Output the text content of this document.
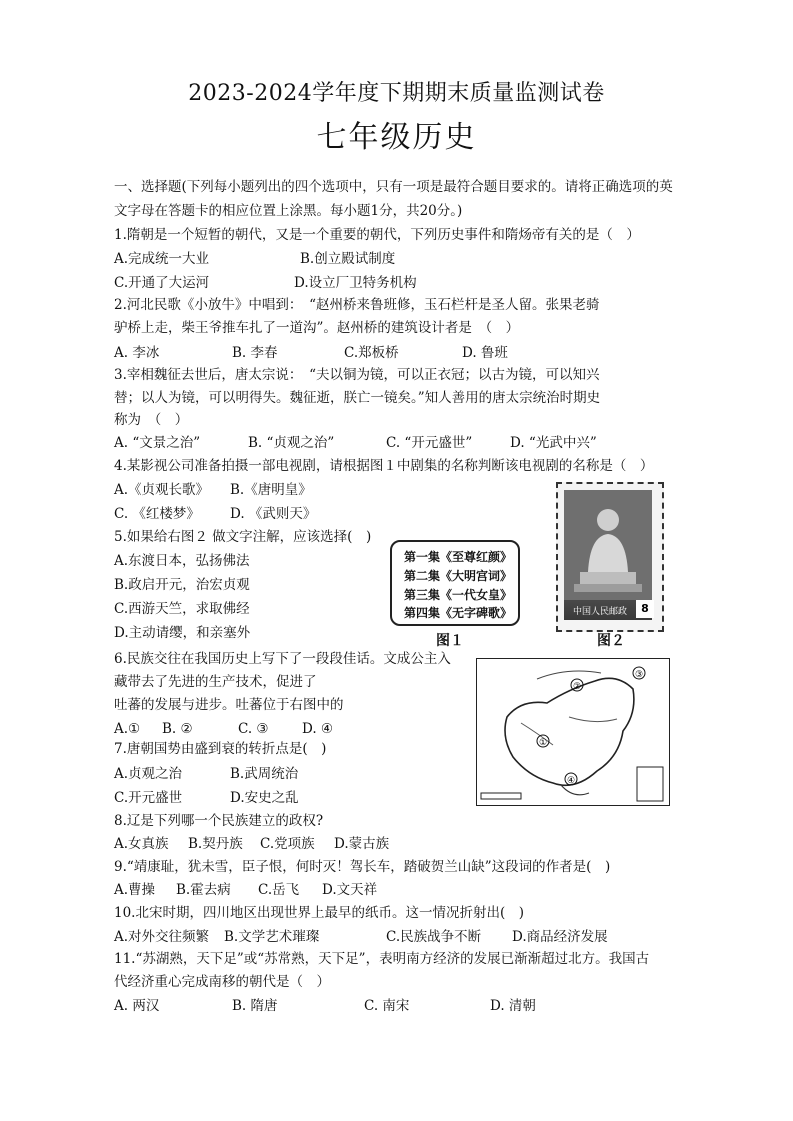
2023-2024学年度下期期末质量监测试卷
七年级历史
一、选择题(下列每小题列出的四个选项中，只有一项是最符合题目要求的。请将正确选项的英
文字母在答题卡的相应位置上涂黑。每小题1分，共20分。)
1.隋朝是一个短暂的朝代，又是一个重要的朝代，下列历史事件和隋炀帝有关的是（　）
A.完成统一大业	B.创立殿试制度
C.开通了大运河	D.设立厂卫特务机构
2.河北民歌《小放牛》中唱到：　“赵州桥来鲁班修，玉石栏杆是圣人留。张果老骑
驴桥上走，柴王爷推车扎了一道沟”。赵州桥的建筑设计者是　（　）
A. 李冰	B. 李春	C.郑板桥	D. 鲁班
3.宰相魏征去世后，唐太宗说：　“夫以铜为镜，可以正衣冠；以古为镜，可以知兴
替；以人为镜，可以明得失。魏征逝，朕亡一镜矣。”知人善用的唐太宗统治时期史
称为　（　）
A. “文景之治”	B. “贞观之治”	C. “开元盛世”	D. “光武中兴”
4.某影视公司准备拍摄一部电视剧，请根据图１中剧集的名称判断该电视剧的名称是（　）
A.《贞观长歌》 B.《唐明皇》
C. 《红楼梦》 D. 《武则天》
5.如果给右图２ 做文字注解，应该选择(　)
A.东渡日本，弘扬佛法
B.政启开元，治宏贞观
C.西游天竺，求取佛经
D.主动请缨，和亲塞外
第一集《至尊红颜》
第二集《大明宫词》
第三集《一代女皇》
第四集《无字碑歌》
图１
中国人民邮政	8
图２
6.民族交往在我国历史上写下了一段段佳话。文成公主入
藏带去了先进的生产技术，促进了
吐蕃的发展与进步。吐蕃位于右图中的
A.① B. ②	C. ③ D. ④
①
②
③
④
7.唐朝国势由盛到衰的转折点是(　)
A.贞观之治	B.武周统治
C.开元盛世	D.安史之乱
8.辽是下列哪一个民族建立的政权?
A.女真族 B.契丹族 C.党项族 D.蒙古族
9.“靖康耻，犹未雪，臣子恨，何时灭！驾长车，踏破贺兰山缺”这段词的作者是(　)
A.曹操 B.霍去病 C.岳飞 D.文天祥
10.北宋时期，四川地区出现世界上最早的纸币。这一情况折射出(　)
A.对外交往频繁 B.文学艺术璀璨	C.民族战争不断 D.商品经济发展
11.“苏湖熟，天下足”或“苏常熟，天下足”，表明南方经济的发展已渐渐超过北方。我国古
代经济重心完成南移的朝代是（　）
A. 两汉	B. 隋唐	C. 南宋	D. 清朝
